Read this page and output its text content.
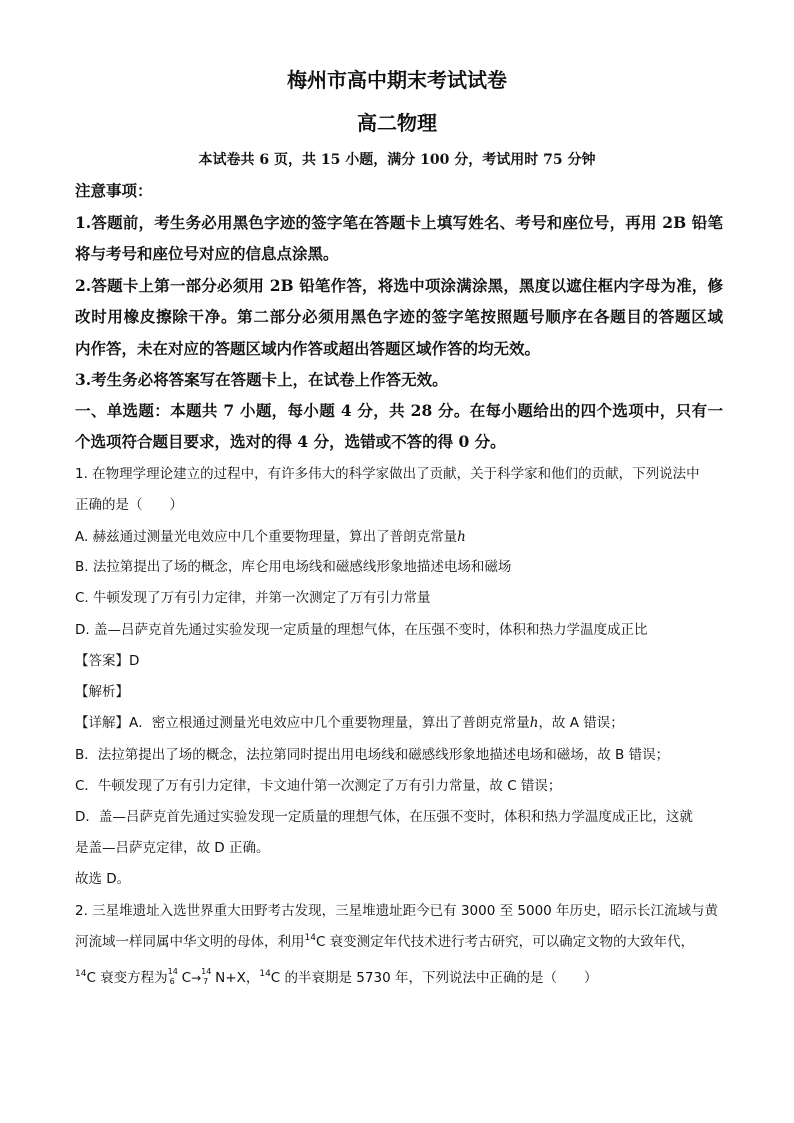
梅州市高中期末考试试卷
高二物理
本试卷共 6 页，共 15 小题，满分 100 分，考试用时 75 分钟
注意事项：
1.答题前，考生务必用黑色字迹的签字笔在答题卡上填写姓名、考号和座位号，再用 2B 铅笔
将与考号和座位号对应的信息点涂黑。
2.答题卡上第一部分必须用 2B 铅笔作答，将选中项涂满涂黑，黑度以遮住框内字母为准，修
改时用橡皮擦除干净。第二部分必须用黑色字迹的签字笔按照题号顺序在各题目的答题区域
内作答，未在对应的答题区域内作答或超出答题区域作答的均无效。
3.考生务必将答案写在答题卡上，在试卷上作答无效。
一、单选题：本题共 7 小题，每小题 4 分，共 28 分。在每小题给出的四个选项中，只有一
个选项符合题目要求，选对的得 4 分，选错或不答的得 0 分。
1. 在物理学理论建立的过程中，有许多伟大的科学家做出了贡献，关于科学家和他们的贡献，下列说法中
正确的是（　　）
A. 赫兹通过测量光电效应中几个重要物理量，算出了普朗克常量h
B. 法拉第提出了场的概念，库仑用电场线和磁感线形象地描述电场和磁场
C. 牛顿发现了万有引力定律，并第一次测定了万有引力常量
D. 盖—吕萨克首先通过实验发现一定质量的理想气体，在压强不变时，体积和热力学温度成正比
【答案】D
【解析】
【详解】A．密立根通过测量光电效应中几个重要物理量，算出了普朗克常量h，故 A 错误；
B．法拉第提出了场的概念，法拉第同时提出用电场线和磁感线形象地描述电场和磁场，故 B 错误；
C．牛顿发现了万有引力定律，卡文迪什第一次测定了万有引力常量，故 C 错误；
D．盖—吕萨克首先通过实验发现一定质量的理想气体，在压强不变时，体积和热力学温度成正比，这就
是盖—吕萨克定律，故 D 正确。
故选 D。
2. 三星堆遗址入选世界重大田野考古发现，三星堆遗址距今已有 3000 至 5000 年历史，昭示长江流域与黄
河流域一样同属中华文明的母体，利用$^{14}$C 衰变测定年代技术进行考古研究，可以确定文物的大致年代，
$^{14}$C 衰变方程为 14
6 C→ 14
7 N+X，$^{14}$C 的半衰期是 5730 年，下列说法中正确的是（　　）
